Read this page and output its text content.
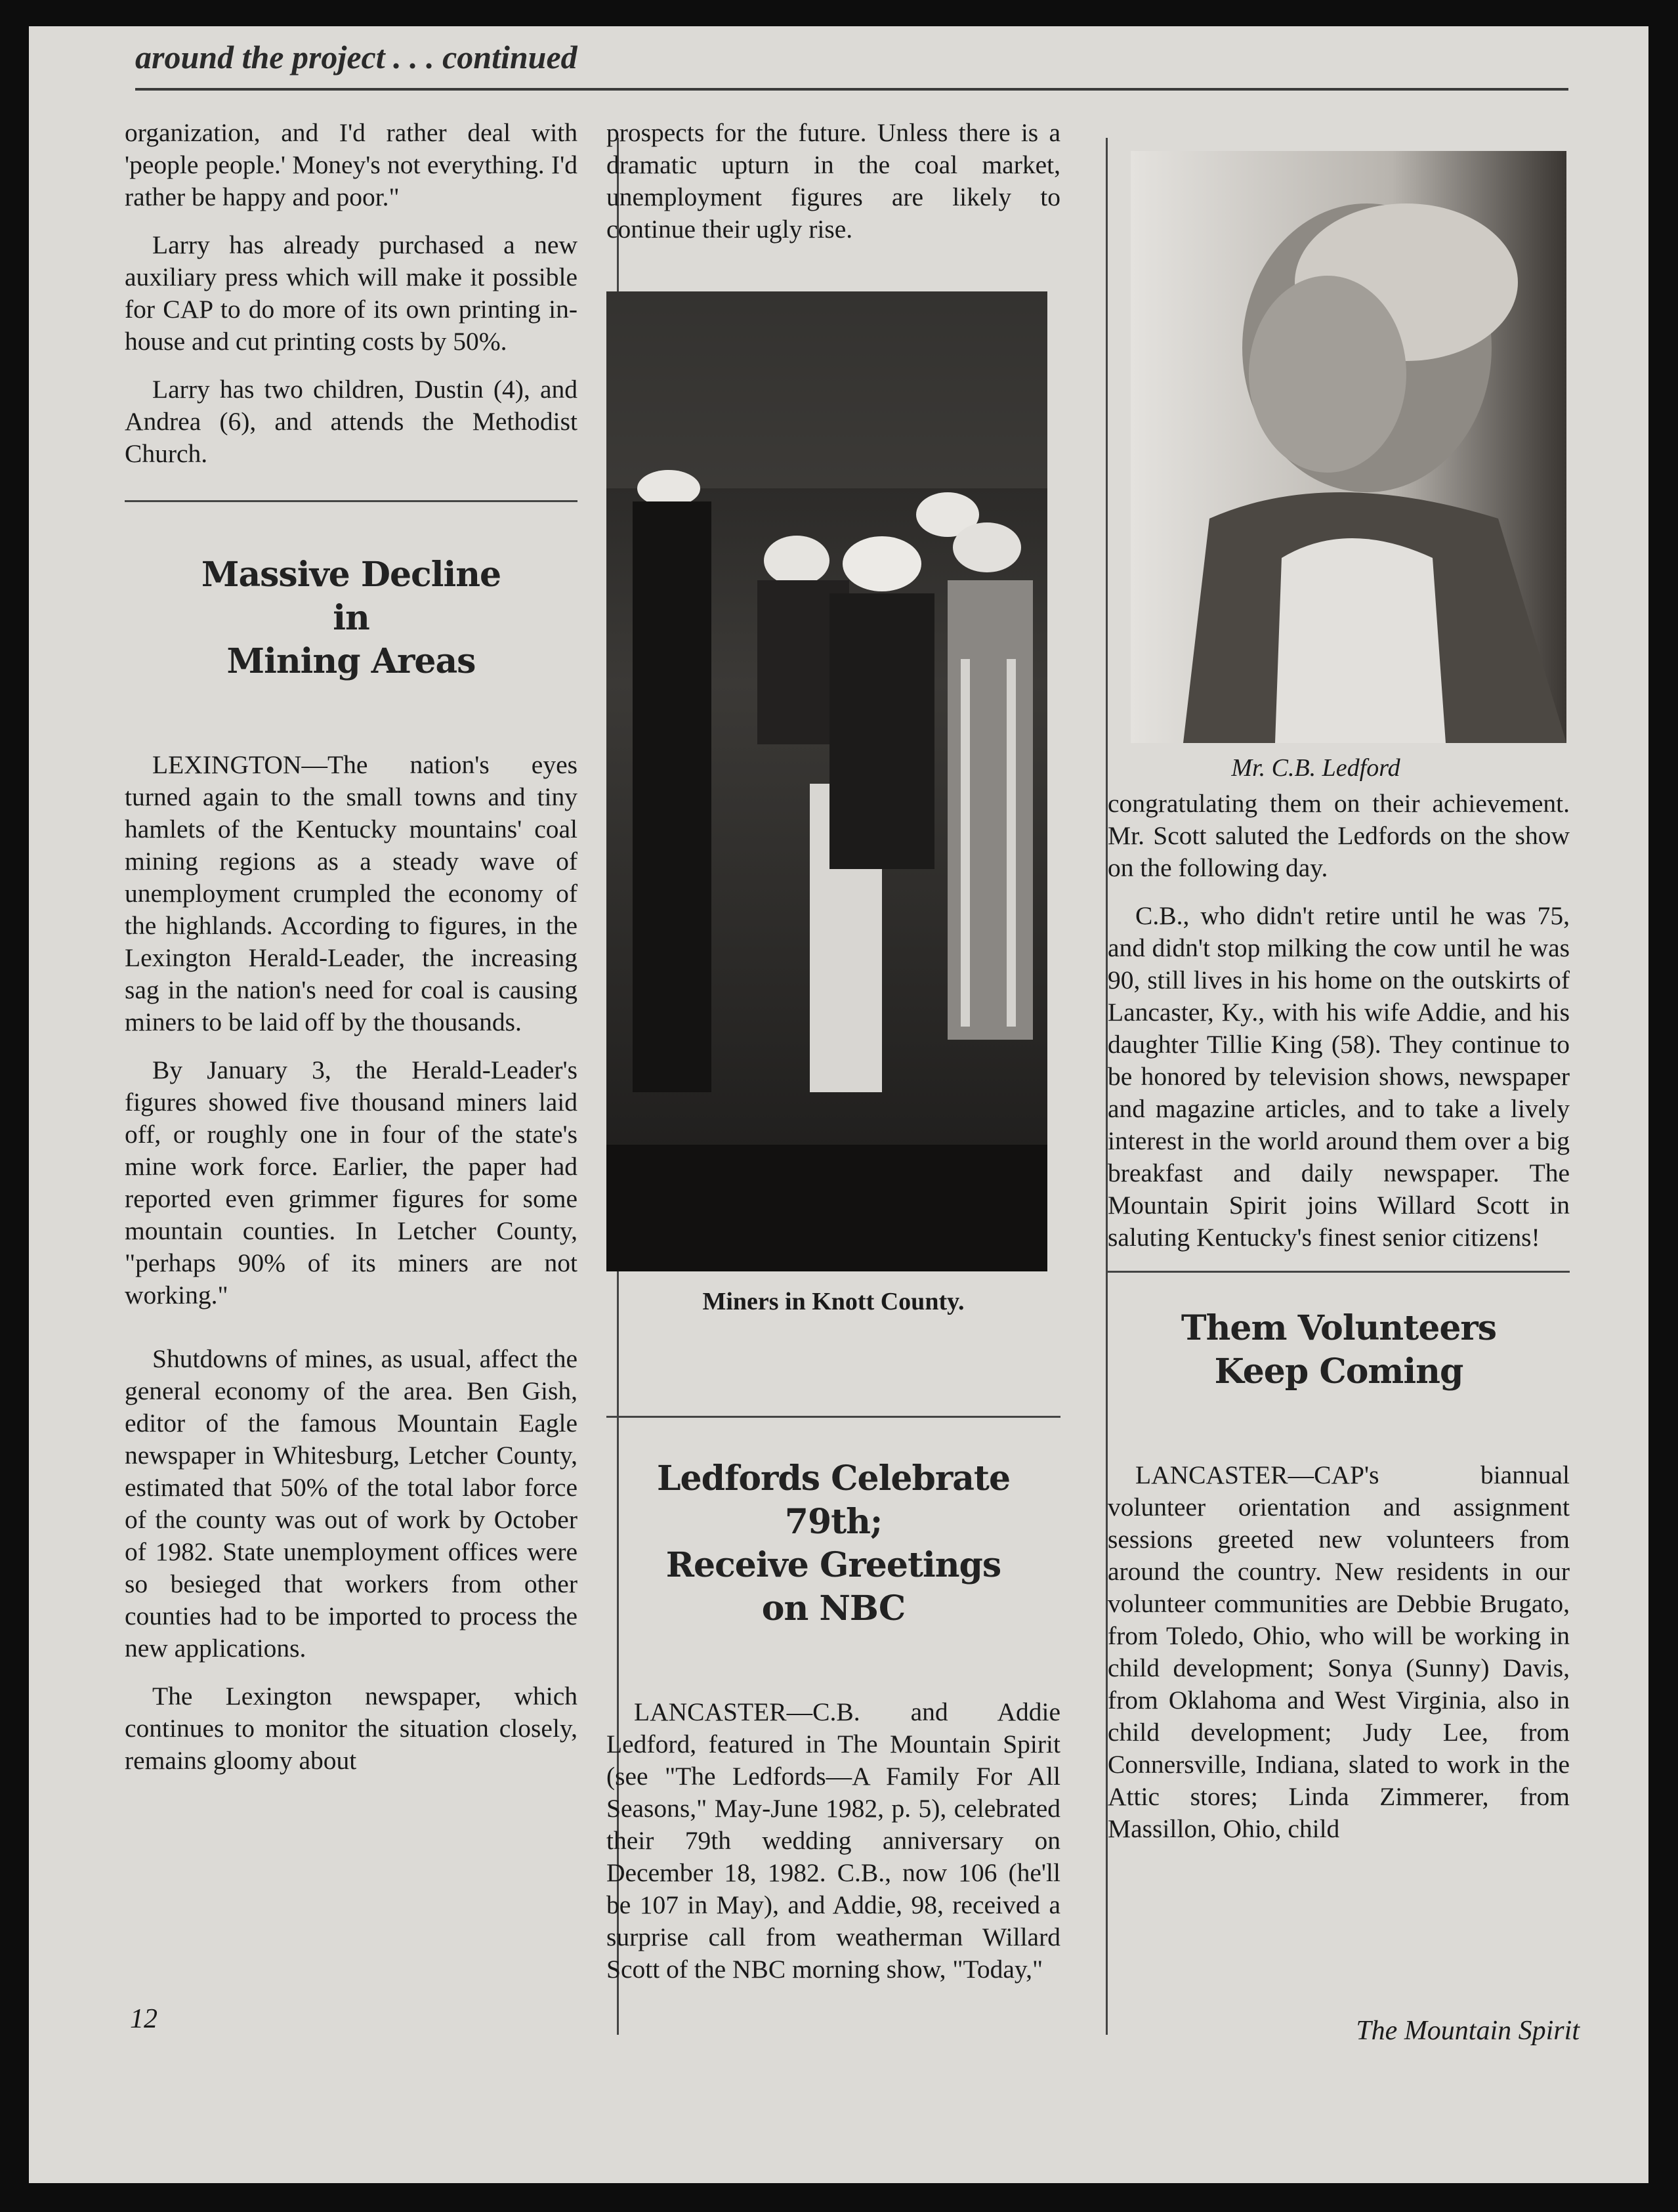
around the project . . . continued

organization, and I'd rather deal with 'people people.' Money's not everything. I'd rather be happy and poor."

Larry has already purchased a new auxiliary press which will make it possible for CAP to do more of its own printing in-house and cut printing costs by 50%.

Larry has two children, Dustin (4), and Andrea (6), and attends the Methodist Church.

Massive Decline
in
Mining Areas

LEXINGTON—The nation's eyes turned again to the small towns and tiny hamlets of the Kentucky mountains' coal mining regions as a steady wave of unemployment crumpled the economy of the highlands. According to figures, in the Lexington Herald-Leader, the increasing sag in the nation's need for coal is causing miners to be laid off by the thousands.

By January 3, the Herald-Leader's figures showed five thousand miners laid off, or roughly one in four of the state's mine work force. Earlier, the paper had reported even grimmer figures for some mountain counties. In Letcher County, "perhaps 90% of its miners are not working."

Shutdowns of mines, as usual, affect the general economy of the area. Ben Gish, editor of the famous Mountain Eagle newspaper in Whitesburg, Letcher County, estimated that 50% of the total labor force of the county was out of work by October of 1982. State unemployment offices were so besieged that workers from other counties had to be imported to process the new applications.

The Lexington newspaper, which continues to monitor the situation closely, remains gloomy about

prospects for the future. Unless there is a dramatic upturn in the coal market, unemployment figures are likely to continue their ugly rise.

Miners in Knott County.
Ledfords Celebrate 79th;
Receive Greetings
on NBC

LANCASTER—C.B. and Addie Ledford, featured in The Mountain Spirit (see "The Ledfords—A Family For All Seasons," May-June 1982, p. 5), celebrated their 79th wedding anniversary on December 18, 1982. C.B., now 106 (he'll be 107 in May), and Addie, 98, received a surprise call from weatherman Willard Scott of the NBC morning show, "Today,"

Mr. C.B. Ledford

congratulating them on their achievement. Mr. Scott saluted the Ledfords on the show on the following day.

C.B., who didn't retire until he was 75, and didn't stop milking the cow until he was 90, still lives in his home on the outskirts of Lancaster, Ky., with his wife Addie, and his daughter Tillie King (58). They continue to be honored by television shows, newspaper and magazine articles, and to take a lively interest in the world around them over a big breakfast and daily newspaper. The Mountain Spirit joins Willard Scott in saluting Kentucky's finest senior citizens!

Them Volunteers
Keep Coming

LANCASTER—CAP's biannual volunteer orientation and assignment sessions greeted new volunteers from around the country. New residents in our volunteer communities are Debbie Brugato, from Toledo, Ohio, who will be working in child development; Sonya (Sunny) Davis, from Oklahoma and West Virginia, also in child development; Judy Lee, from Connersville, Indiana, slated to work in the Attic stores; Linda Zimmerer, from Massillon, Ohio, child

12	The Mountain Spirit
